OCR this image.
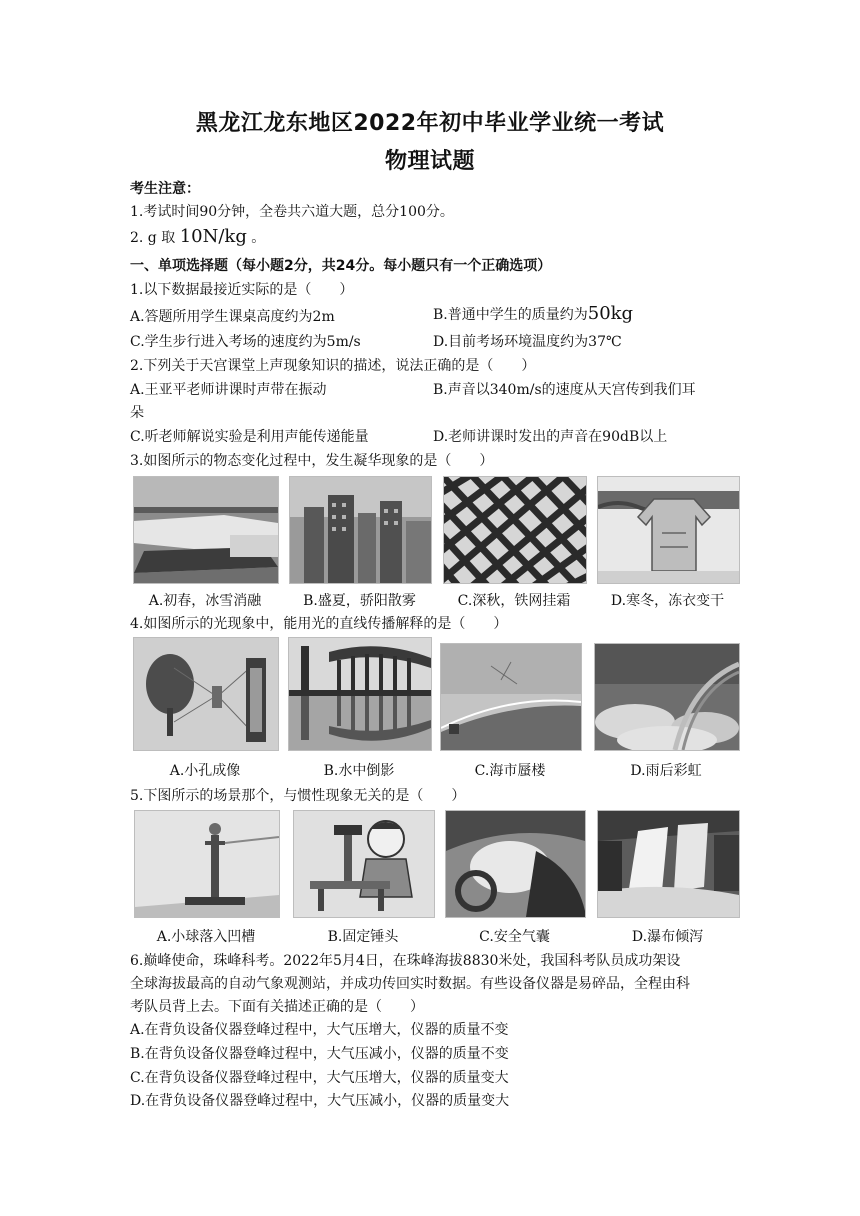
黑龙江龙东地区2022年初中毕业学业统一考试
物理试题
考生注意：
1.考试时间90分钟，全卷共六道大题，总分100分。
2. g 取 10N/kg 。
一、单项选择题（每小题2分，共24分。每小题只有一个正确选项）
1.以下数据最接近实际的是（　　）
A.答题所用学生课桌高度约为2m	B.普通中学生的质量约为50kg
C.学生步行进入考场的速度约为5m/s	D.目前考场环境温度约为37℃
2.下列关于天宫课堂上声现象知识的描述，说法正确的是（　　）
A.王亚平老师讲课时声带在振动	B.声音以340m/s的速度从天宫传到我们耳
朵
C.听老师解说实验是利用声能传递能量	D.老师讲课时发出的声音在90dB以上
3.如图所示的物态变化过程中，发生凝华现象的是（　　）
A.初春，冰雪消融	B.盛夏，骄阳散雾	C.深秋，铁网挂霜	D.寒冬，冻衣变干
4.如图所示的光现象中，能用光的直线传播解释的是（　　）
A.小孔成像	B.水中倒影	C.海市蜃楼	D.雨后彩虹
5.下图所示的场景那个，与惯性现象无关的是（　　）
A.小球落入凹槽	B.固定锤头	C.安全气囊	D.瀑布倾泻
6.巅峰使命，珠峰科考。2022年5月4日，在珠峰海拔8830米处，我国科考队员成功架设
全球海拔最高的自动气象观测站，并成功传回实时数据。有些设备仪器是易碎品，全程由科
考队员背上去。下面有关描述正确的是（　　）
A.在背负设备仪器登峰过程中，大气压增大，仪器的质量不变
B.在背负设备仪器登峰过程中，大气压减小，仪器的质量不变
C.在背负设备仪器登峰过程中，大气压增大，仪器的质量变大
D.在背负设备仪器登峰过程中，大气压减小，仪器的质量变大
